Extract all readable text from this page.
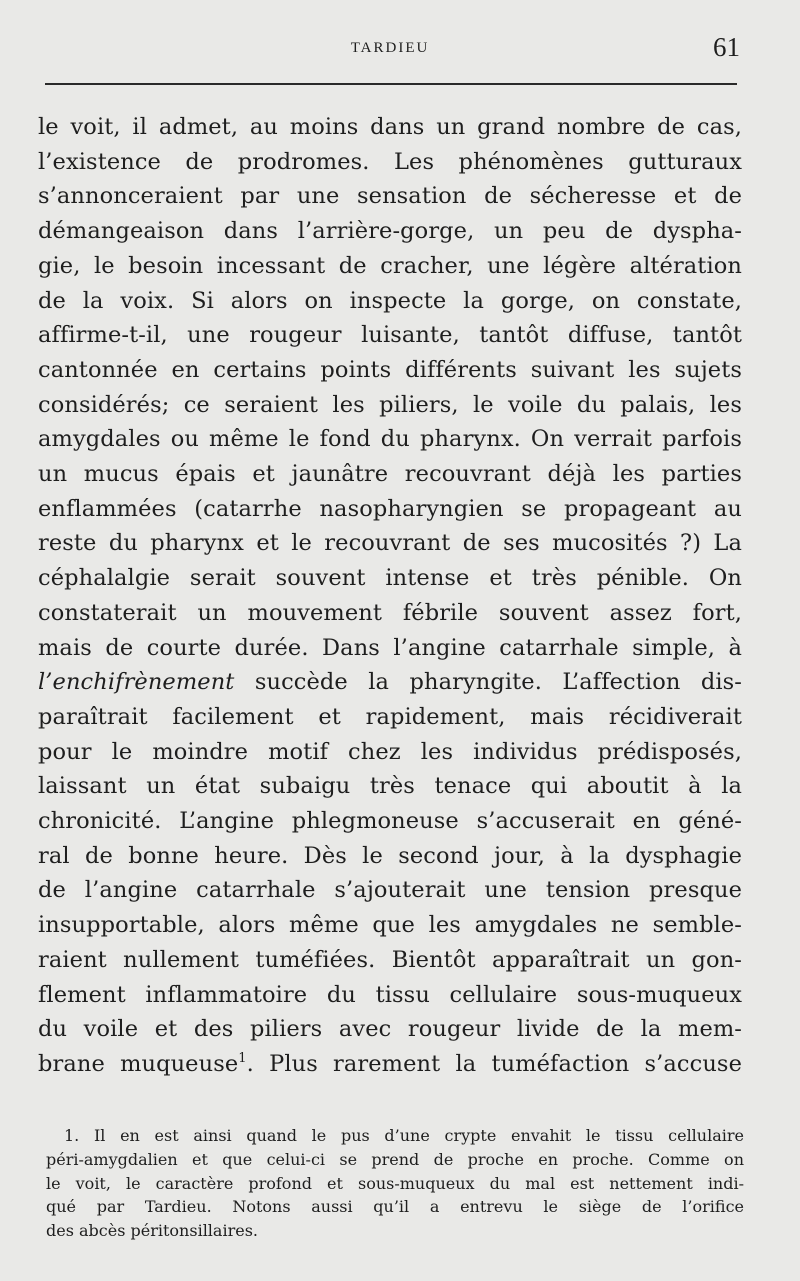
TARDIEU	61
le voit, il admet, au moins dans un grand nombre de cas,
l’existence de prodromes. Les phénomènes gutturaux
s’annonceraient par une sensation de sécheresse et de
démangeaison dans l’arrière-gorge, un peu de dyspha-
gie, le besoin incessant de cracher, une légère altération
de la voix. Si alors on inspecte la gorge, on constate,
affirme-t-il, une rougeur luisante, tantôt diffuse, tantôt
cantonnée en certains points différents suivant les sujets
considérés; ce seraient les piliers, le voile du palais, les
amygdales ou même le fond du pharynx. On verrait parfois
un mucus épais et jaunâtre recouvrant déjà les parties
enflammées (catarrhe nasopharyngien se propageant au
reste du pharynx et le recouvrant de ses mucosités ?) La
céphalalgie serait souvent intense et très pénible. On
constaterait un mouvement fébrile souvent assez fort,
mais de courte durée. Dans l’angine catarrhale simple, à
l’enchifrènement succède la pharyngite. L’affection dis-
paraîtrait facilement et rapidement, mais récidiverait
pour le moindre motif chez les individus prédisposés,
laissant un état subaigu très tenace qui aboutit à la
chronicité. L’angine phlegmoneuse s’accuserait en géné-
ral de bonne heure. Dès le second jour, à la dysphagie
de l’angine catarrhale s’ajouterait une tension presque
insupportable, alors même que les amygdales ne semble-
raient nullement tuméfiées. Bientôt apparaîtrait un gon-
flement inflammatoire du tissu cellulaire sous-muqueux
du voile et des piliers avec rougeur livide de la mem-
brane muqueuse$^1$. Plus rarement la tuméfaction s’accuse
1. Il en est ainsi quand le pus d’une crypte envahit le tissu cellulaire
péri-amygdalien et que celui-ci se prend de proche en proche. Comme on
le voit, le caractère profond et sous-muqueux du mal est nettement indi-
qué par Tardieu. Notons aussi qu’il a entrevu le siège de l’orifice
des abcès péritonsillaires.
